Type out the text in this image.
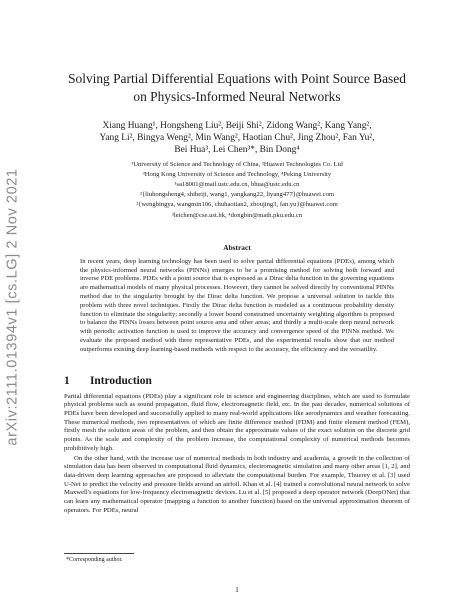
arXiv:2111.01394v1 [cs.LG] 2 Nov 2021
Solving Partial Differential Equations with Point Source Based
on Physics-Informed Neural Networks
Xiang Huang¹, Hongsheng Liu², Beiji Shi², Zidong Wang², Kang Yang²,
Yang Li², Bingya Weng², Min Wang², Haotian Chu², Jing Zhou², Fan Yu²,
Bei Hua³, Lei Chen³*, Bin Dong⁴
¹University of Science and Technology of China, ²Huawei Technologies Co. Ltd
³Hong Kong University of Science and Technology, ⁴Peking University
¹sa18001@mail.ustc.edu.cn, bhua@ustc.edu.cn
²{liuhongsheng4, shibeiji, wang1, yangkang22, liyang477}@huawei.com
²{wengbingya, wangmin106, chuhaotian2, zhoujing3, fan.yu}@huawei.com
³leichen@cse.ust.hk, ⁴dongbin@math.pku.edu.cn
Abstract
In recent years, deep learning technology has been used to solve partial differential equations (PDEs), among which the physics-informed neural networks (PINNs) emerges to be a promising method for solving both forward and inverse PDE problems. PDEs with a point source that is expressed as a Dirac delta function in the governing equations are mathematical models of many physical processes. However, they cannot be solved directly by conventional PINNs method due to the singularity brought by the Dirac delta function. We propose a universal solution to tackle this problem with three novel techniques. Firstly the Dirac delta function is modeled as a continuous probability density function to eliminate the singularity; secondly a lower bound constrained uncertainty weighting algorithm is proposed to balance the PINNs losses between point source area and other areas; and thirdly a multi-scale deep neural network with periodic activation function is used to improve the accuracy and convergence speed of the PINNs method. We evaluate the proposed method with three representative PDEs, and the experimental results show that our method outperforms existing deep learning-based methods with respect to the accuracy, the efficiency and the versatility.
1 Introduction

Partial differential equations (PDEs) play a significant role in science and engineering disciplines, which are used to formulate physical problems such as sound propagation, fluid flow, electromagnetic field, etc. In the past decades, numerical solutions of PDEs have been developed and successfully applied to many real-world applications like aerodynamics and weather forecasting. These numerical methods, two representatives of which are finite difference method (FDM) and finite element method (FEM), firstly mesh the solution areas of the problem, and then obtain the approximate values of the exact solution on the discrete grid points. As the scale and complexity of the problem increase, the computational complexity of numerical methods becomes prohibitively high.

On the other hand, with the increase use of numerical methods in both industry and academia, a growth in the collection of simulation data has been observed in computational fluid dynamics, electromagnetic simulation and many other areas [1, 2], and data-driven deep learning approaches are proposed to alleviate the computational burden. For example, Thuerey et al. [3] used U-Net to predict the velocity and pressure fields around an airfoil. Khan et al. [4] trained a convolutional neural network to solve Maxwell's equations for low-frequency electromagnetic devices. Lu et al. [5] proposed a deep operator network (DeepONet) that can learn any mathematical operator (mapping a function to another function) based on the universal approximation theorem of operators. For PDEs, neural

*Corresponding author.
1
